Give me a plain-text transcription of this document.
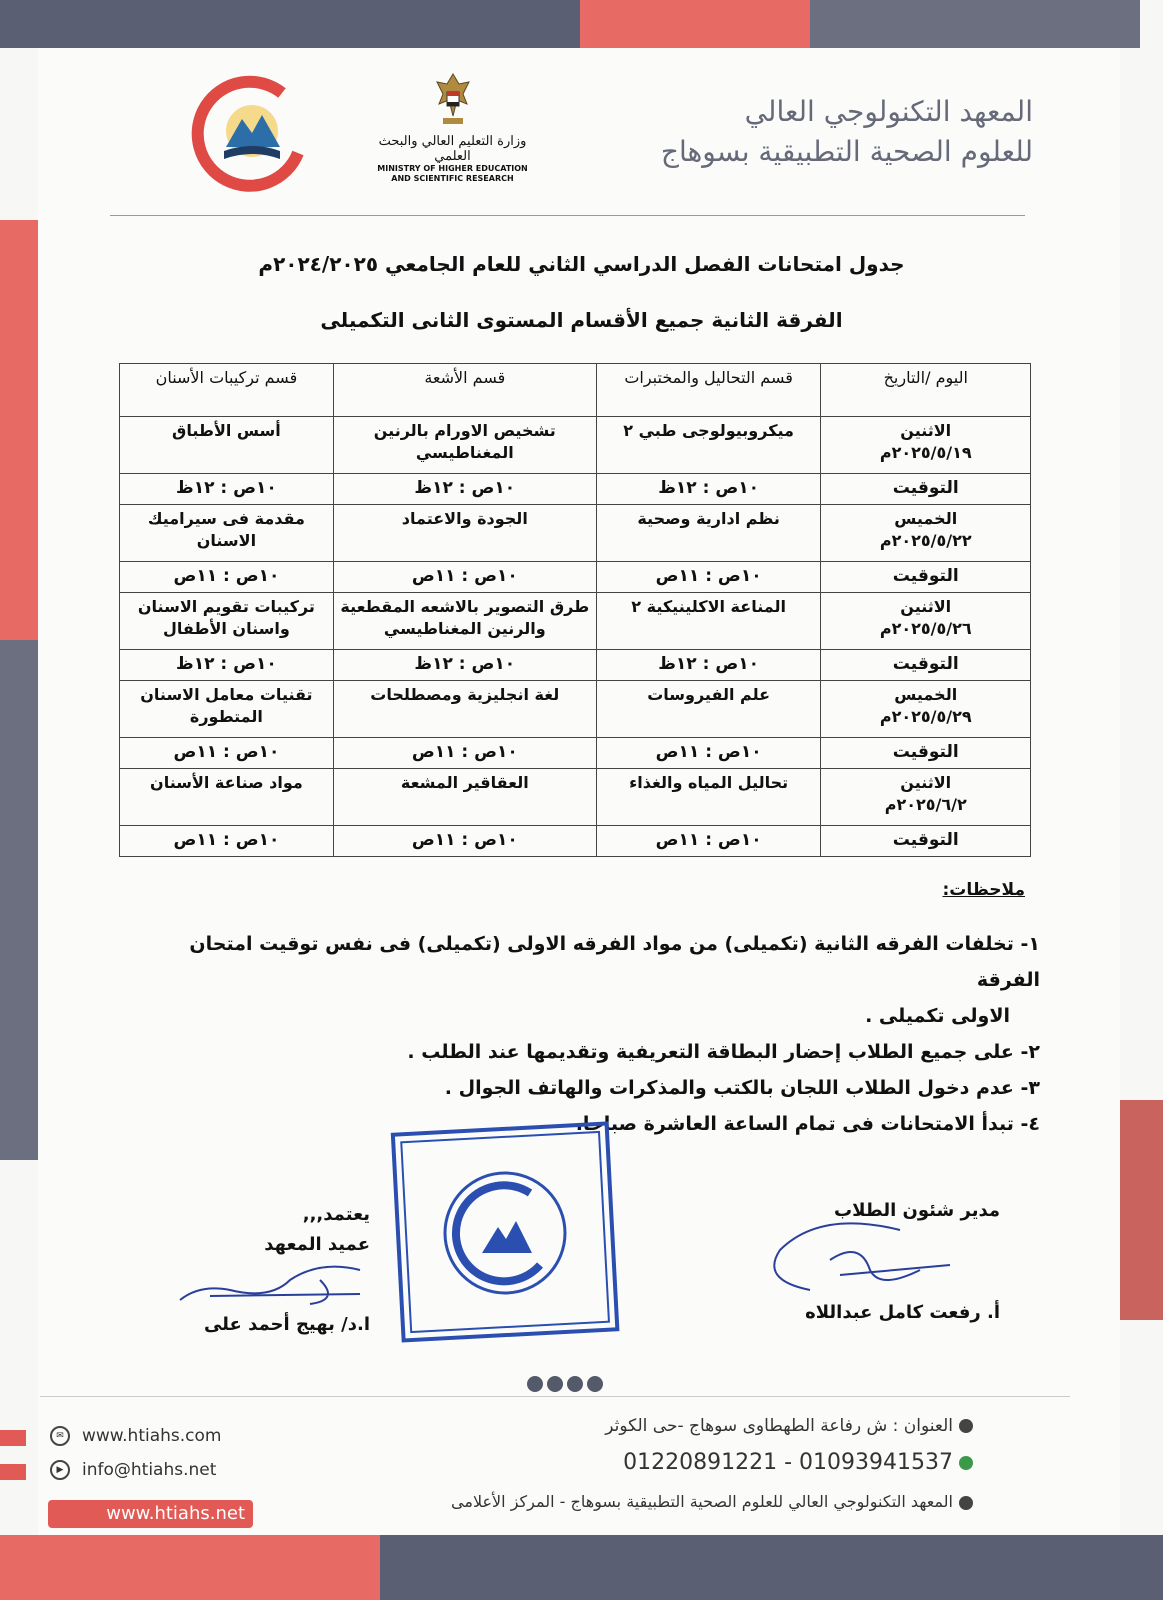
المعهد التكنولوجي العالي
للعلوم الصحية التطبيقية بسوهاج
وزارة التعليم العالي والبحث العلمي
MINISTRY OF HIGHER EDUCATION
AND SCIENTIFIC RESEARCH
جدول امتحانات الفصل الدراسي الثاني للعام الجامعي ٢٠٢٤/٢٠٢٥م
الفرقة الثانية جميع الأقسام المستوى الثانى التكميلى
اليوم /التاريخ	قسم التحاليل والمختبرات	قسم الأشعة	قسم تركيبات الأسنان

الاثنين
٢٠٢٥/٥/١٩م	ميكروبيولوجى طبي ٢	تشخيص الاورام بالرنين المغناطيسي	أسس الأطباق
التوقيت	١٠ص : ١٢ظ	١٠ص : ١٢ظ	١٠ص : ١٢ظ

الخميس
٢٠٢٥/٥/٢٢م	نظم ادارية وصحية	الجودة والاعتماد	مقدمة فى سيراميك الاسنان
التوقيت	١٠ص : ١١ص	١٠ص : ١١ص	١٠ص : ١١ص

الاثنين
٢٠٢٥/٥/٢٦م	المناعة الاكلينيكية ٢	طرق التصوير بالاشعه المقطعية والرنين المغناطيسي	تركيبات تقويم الاسنان واسنان الأطفال
التوقيت	١٠ص : ١٢ظ	١٠ص : ١٢ظ	١٠ص : ١٢ظ

الخميس
٢٠٢٥/٥/٢٩م	علم الفيروسات	لغة انجليزية ومصطلحات	تقنيات معامل الاسنان المتطورة
التوقيت	١٠ص : ١١ص	١٠ص : ١١ص	١٠ص : ١١ص

الاثنين
٢٠٢٥/٦/٢م	تحاليل المياه والغذاء	العقاقير المشعة	مواد صناعة الأسنان
التوقيت	١٠ص : ١١ص	١٠ص : ١١ص	١٠ص : ١١ص
ملاحظات:

١- تخلفات الفرقه الثانية (تكميلى) من مواد الفرقه الاولى (تكميلى) فى نفس توقيت امتحان الفرقة

الاولى تكميلى .

٢- على جميع الطلاب إحضار البطاقة التعريفية وتقديمها عند الطلب .

٣- عدم دخول الطلاب اللجان بالكتب والمذكرات والهاتف الجوال .

٤- تبدأ الامتحانات فى تمام الساعة العاشرة صباحا.

يعتمد,,,
عميد المعهد
ا.د/ بهيج أحمد على
مدير شئون الطلاب
أ. رفعت كامل عبداللاه
✉ www.htiahs.com
▶ info@htiahs.net
www.htiahs.net
العنوان : ش رفاعة الطهطاوى سوهاج -حى الكوثر
01220891221 - 01093941537
المعهد التكنولوجي العالي للعلوم الصحية التطبيقية بسوهاج - المركز الأعلامى
